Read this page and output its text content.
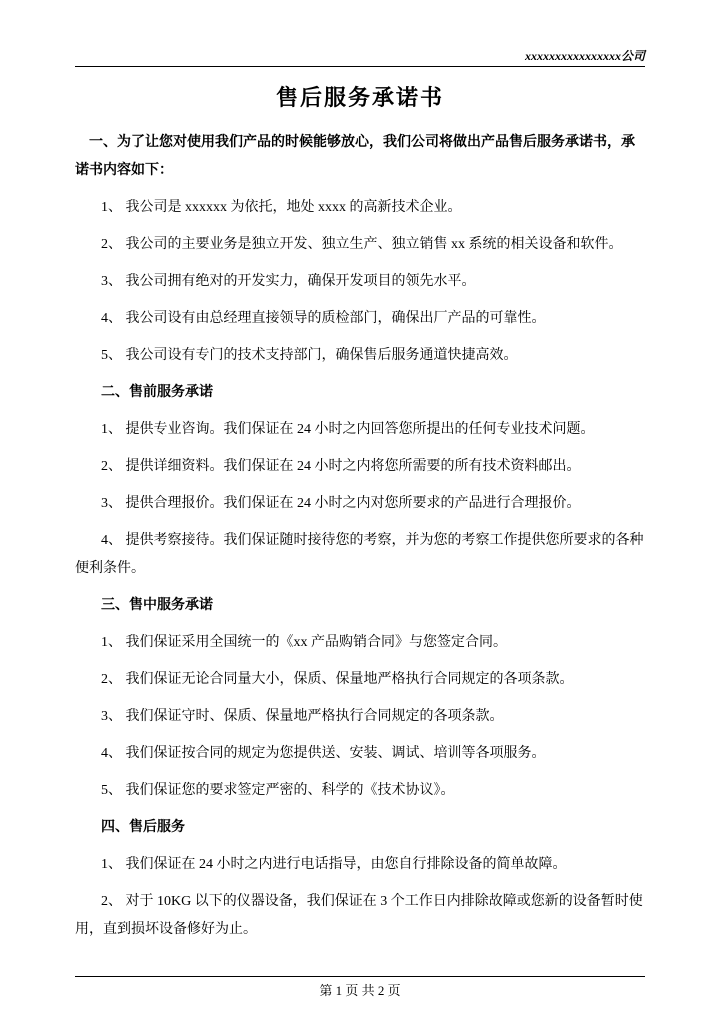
xxxxxxxxxxxxxxxx公司
售后服务承诺书
一、为了让您对使用我们产品的时候能够放心，我们公司将做出产品售后服务承诺书，承诺书内容如下：
1、 我公司是 xxxxxx 为依托，地处 xxxx 的高新技术企业。
2、 我公司的主要业务是独立开发、独立生产、独立销售 xx 系统的相关设备和软件。
3、 我公司拥有绝对的开发实力，确保开发项目的领先水平。
4、 我公司设有由总经理直接领导的质检部门，确保出厂产品的可靠性。
5、 我公司设有专门的技术支持部门，确保售后服务通道快捷高效。
二、售前服务承诺
1、 提供专业咨询。我们保证在 24 小时之内回答您所提出的任何专业技术问题。
2、 提供详细资料。我们保证在 24 小时之内将您所需要的所有技术资料邮出。
3、 提供合理报价。我们保证在 24 小时之内对您所要求的产品进行合理报价。
4、 提供考察接待。我们保证随时接待您的考察，并为您的考察工作提供您所要求的各种便利条件。
三、售中服务承诺
1、 我们保证采用全国统一的《xx 产品购销合同》与您签定合同。
2、 我们保证无论合同量大小，保质、保量地严格执行合同规定的各项条款。
3、 我们保证守时、保质、保量地严格执行合同规定的各项条款。
4、 我们保证按合同的规定为您提供送、安装、调试、培训等各项服务。
5、 我们保证您的要求签定严密的、科学的《技术协议》。
四、售后服务
1、 我们保证在 24 小时之内进行电话指导，由您自行排除设备的简单故障。
2、 对于 10KG 以下的仪器设备，我们保证在 3 个工作日内排除故障或您新的设备暂时使用，直到损坏设备修好为止。
第 1 页 共 2 页
